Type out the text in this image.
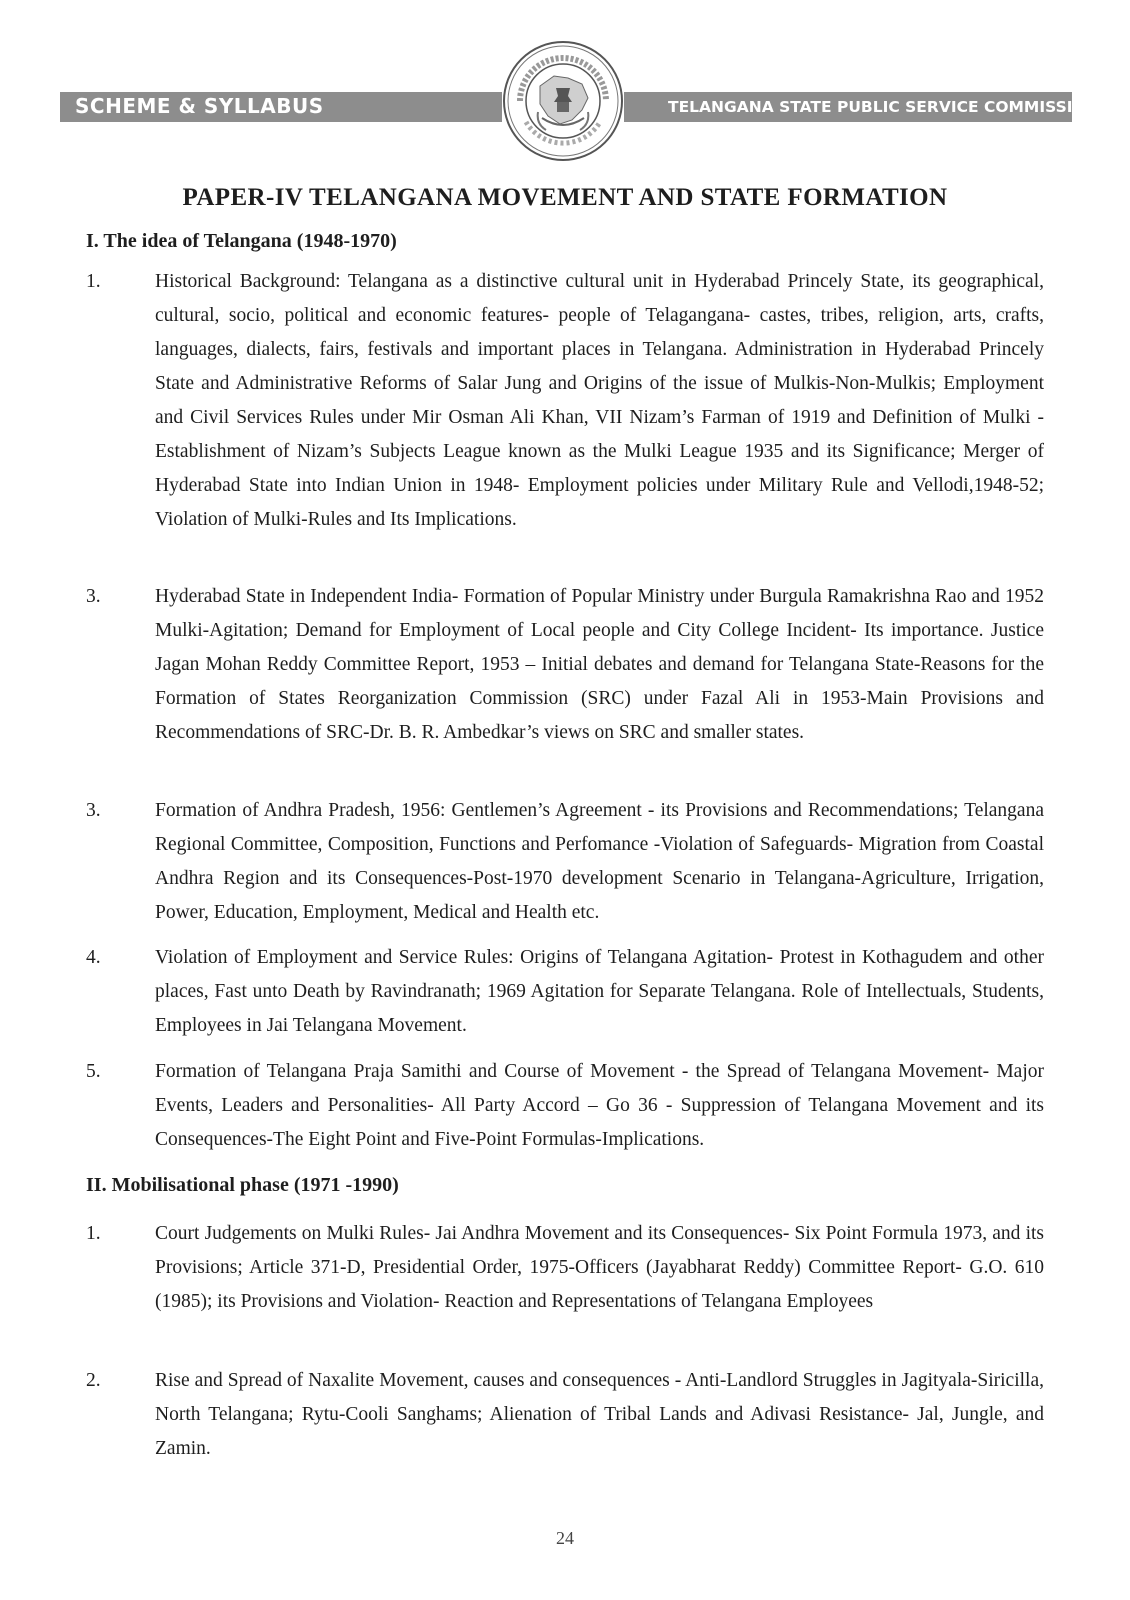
SCHEME & SYLLABUS	TELANGANA STATE PUBLIC SERVICE COMMISSION
PAPER-IV TELANGANA MOVEMENT AND STATE FORMATION
I. The idea of Telangana (1948-1970)
1.	Historical Background: Telangana as a distinctive cultural unit in Hyderabad Princely State, its geographical, cultural, socio, political and economic features- people of Telagangana- castes, tribes, religion, arts, crafts, languages, dialects, fairs, festivals and important places in Telangana. Administration in Hyderabad Princely State and Administrative Reforms of Salar Jung and Origins of the issue of Mulkis-Non-Mulkis; Employment and Civil Services Rules under Mir Osman Ali Khan, VII Nizam’s Farman of 1919 and Definition of Mulki - Establishment of Nizam’s Subjects League known as the Mulki League 1935 and its Significance; Merger of Hyderabad State into Indian Union in 1948- Employment policies under Military Rule and Vellodi,1948-52; Violation of Mulki-Rules and Its Implications.
3.	Hyderabad State in Independent India- Formation of Popular Ministry under Burgula Ramakrishna Rao and 1952 Mulki-Agitation; Demand for Employment of Local people and City College Incident- Its importance. Justice Jagan Mohan Reddy Committee Report, 1953 – Initial debates and demand for Telangana State-Reasons for the Formation of States Reorganization Commission (SRC) under Fazal Ali in 1953-Main Provisions and Recommendations of SRC-Dr. B. R. Ambedkar’s views on SRC and smaller states.
3.	Formation of Andhra Pradesh, 1956: Gentlemen’s Agreement - its Provisions and Recommendations; Telangana Regional Committee, Composition, Functions and Perfomance -Violation of Safeguards- Migration from Coastal Andhra Region and its Consequences-Post-1970 development Scenario in Telangana-Agriculture, Irrigation, Power, Education, Employment, Medical and Health etc.
4.	Violation of Employment and Service Rules: Origins of Telangana Agitation- Protest in Kothagudem and other places, Fast unto Death by Ravindranath; 1969 Agitation for Separate Telangana. Role of Intellectuals, Students, Employees in Jai Telangana Movement.
5.	Formation of Telangana Praja Samithi and Course of Movement - the Spread of Telangana Movement- Major Events, Leaders and Personalities- All Party Accord – Go 36 - Suppression of Telangana Movement and its Consequences-The Eight Point and Five-Point Formulas-Implications.
II. Mobilisational phase (1971 -1990)
1.	Court Judgements on Mulki Rules- Jai Andhra Movement and its Consequences- Six Point Formula 1973, and its Provisions; Article 371-D, Presidential Order, 1975-Officers (Jayabharat Reddy) Committee Report- G.O. 610 (1985); its Provisions and Violation- Reaction and Representations of Telangana Employees
2.	Rise and Spread of Naxalite Movement, causes and consequences - Anti-Landlord Struggles in Jagityala-Siricilla, North Telangana; Rytu-Cooli Sanghams; Alienation of Tribal Lands and Adivasi Resistance- Jal, Jungle, and Zamin.
24
